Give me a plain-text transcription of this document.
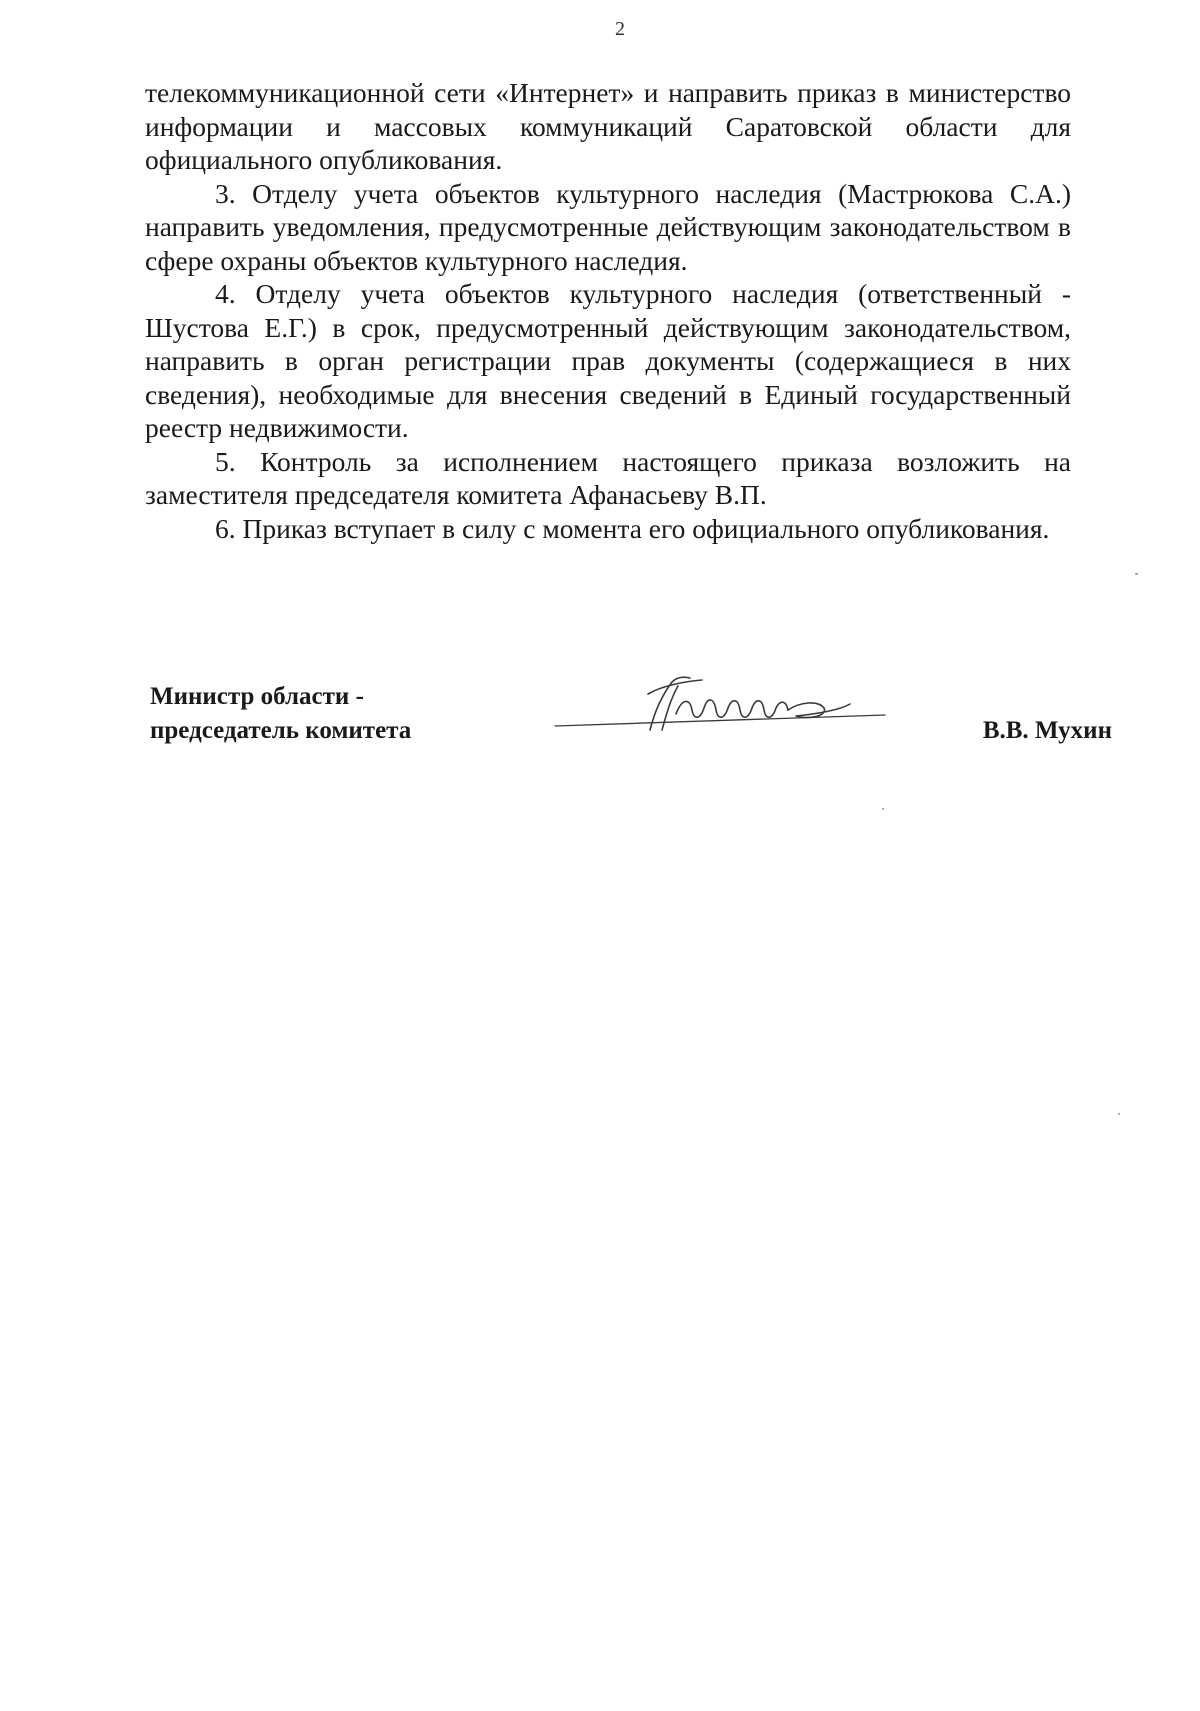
2

телекоммуникационной сети «Интернет» и направить приказ в министерство информации и массовых коммуникаций Саратовской области для официального опубликования.

3. Отделу учета объектов культурного наследия (Мастрюкова С.А.) направить уведомления, предусмотренные действующим законодательством в сфере охраны объектов культурного наследия.

4. Отделу учета объектов культурного наследия (ответственный - Шустова Е.Г.) в срок, предусмотренный действующим законодательством, направить в орган регистрации прав документы (содержащиеся в них сведения), необходимые для внесения сведений в Единый государственный реестр недвижимости.

5. Контроль за исполнением настоящего приказа возложить на заместителя председателя комитета Афанасьеву В.П.

6. Приказ вступает в силу с момента его официального опубликования.

Министр области -
председатель комитета	В.В. Мухин
